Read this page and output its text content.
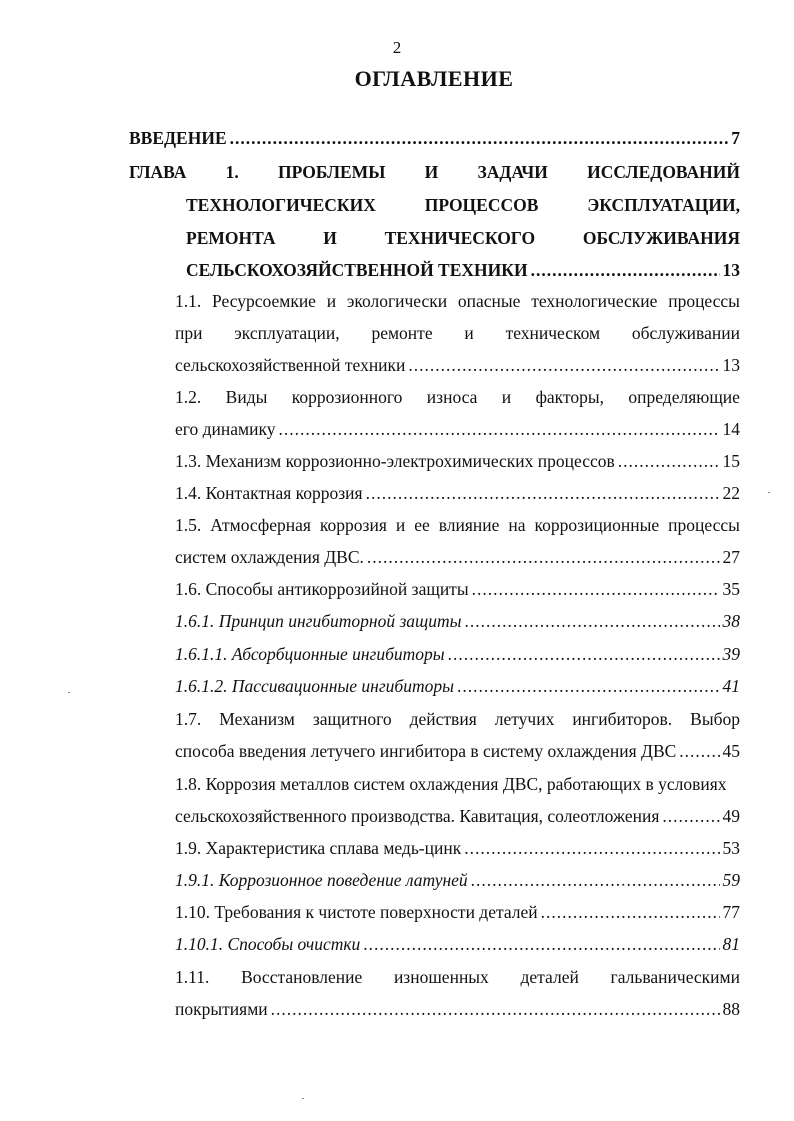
2
ОГЛАВЛЕНИЕ
ВВЕДЕНИЕ .....	7
ГЛАВА 1. ПРОБЛЕМЫ И ЗАДАЧИ ИССЛЕДОВАНИЙ
ТЕХНОЛОГИЧЕСКИХ	ПРОЦЕССОВ	ЭКСПЛУАТАЦИИ,
РЕМОНТА	И	ТЕХНИЧЕСКОГО	ОБСЛУЖИВАНИЯ
СЕЛЬСКОХОЗЯЙСТВЕННОЙ ТЕХНИКИ .....	13
1.1. Ресурсоемкие и экологически опасные технологические процессы
при эксплуатации, ремонте и техническом обслуживании
сельскохозяйственной техники .....	13
1.2. Виды коррозионного износа и факторы, определяющие
его динамику .....	14
1.3. Механизм коррозионно-электрохимических процессов .....	15
1.4. Контактная коррозия .....	22
1.5. Атмосферная коррозия и ее влияние на коррозиционные процессы
систем охлаждения ДВС. .....	27
1.6. Способы антикоррозийной защиты .....	35
1.6.1. Принцип ингибиторной защиты .....	38
1.6.1.1. Абсорбционные ингибиторы .....	39
1.6.1.2. Пассивационные ингибиторы .....	41
1.7. Механизм защитного действия летучих ингибиторов. Выбор
способа введения летучего ингибитора в систему охлаждения ДВС .....	45
1.8. Коррозия металлов систем охлаждения ДВС, работающих в условиях
сельскохозяйственного производства. Кавитация, солеотложения .....	49
1.9. Характеристика сплава медь-цинк .....	53
1.9.1. Коррозионное поведение латуней .....	59
1.10. Требования к чистоте поверхности деталей .....	77
1.10.1. Способы очистки .....	81
1.11. Восстановление изношенных деталей гальваническими
покрытиями .....	88
